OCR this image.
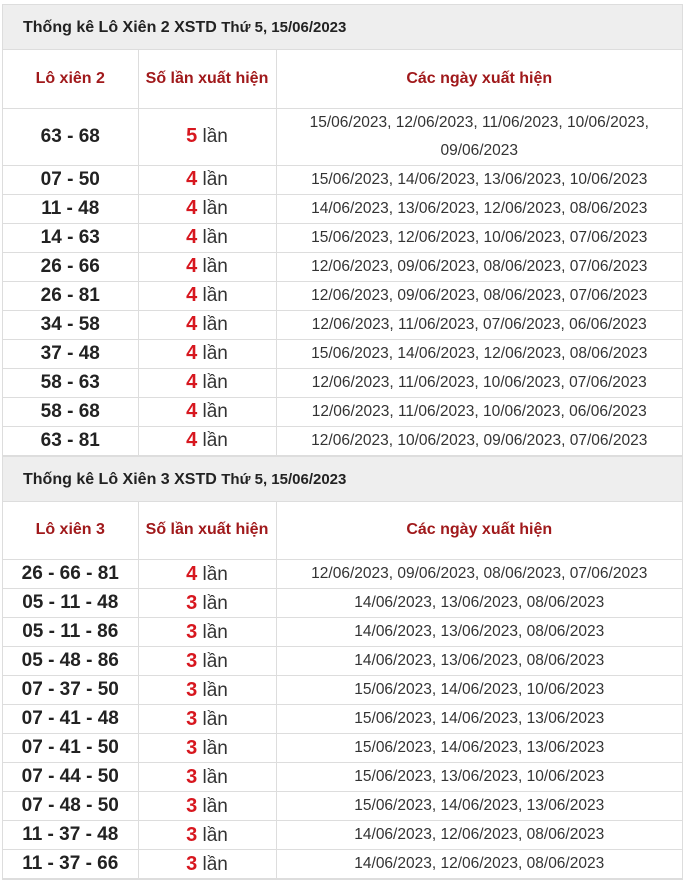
Thống kê Lô Xiên 2 XSTD Thứ 5, 15/06/2023
Lô xiên 2	Số lần xuất hiện	Các ngày xuất hiện
63 - 68	5 lần	15/06/2023, 12/06/2023, 11/06/2023, 10/06/2023, 09/06/2023
07 - 50	4 lần	15/06/2023, 14/06/2023, 13/06/2023, 10/06/2023
11 - 48	4 lần	14/06/2023, 13/06/2023, 12/06/2023, 08/06/2023
14 - 63	4 lần	15/06/2023, 12/06/2023, 10/06/2023, 07/06/2023
26 - 66	4 lần	12/06/2023, 09/06/2023, 08/06/2023, 07/06/2023
26 - 81	4 lần	12/06/2023, 09/06/2023, 08/06/2023, 07/06/2023
34 - 58	4 lần	12/06/2023, 11/06/2023, 07/06/2023, 06/06/2023
37 - 48	4 lần	15/06/2023, 14/06/2023, 12/06/2023, 08/06/2023
58 - 63	4 lần	12/06/2023, 11/06/2023, 10/06/2023, 07/06/2023
58 - 68	4 lần	12/06/2023, 11/06/2023, 10/06/2023, 06/06/2023
63 - 81	4 lần	12/06/2023, 10/06/2023, 09/06/2023, 07/06/2023
Thống kê Lô Xiên 3 XSTD Thứ 5, 15/06/2023
Lô xiên 3	Số lần xuất hiện	Các ngày xuất hiện
26 - 66 - 81	4 lần	12/06/2023, 09/06/2023, 08/06/2023, 07/06/2023
05 - 11 - 48	3 lần	14/06/2023, 13/06/2023, 08/06/2023
05 - 11 - 86	3 lần	14/06/2023, 13/06/2023, 08/06/2023
05 - 48 - 86	3 lần	14/06/2023, 13/06/2023, 08/06/2023
07 - 37 - 50	3 lần	15/06/2023, 14/06/2023, 10/06/2023
07 - 41 - 48	3 lần	15/06/2023, 14/06/2023, 13/06/2023
07 - 41 - 50	3 lần	15/06/2023, 14/06/2023, 13/06/2023
07 - 44 - 50	3 lần	15/06/2023, 13/06/2023, 10/06/2023
07 - 48 - 50	3 lần	15/06/2023, 14/06/2023, 13/06/2023
11 - 37 - 48	3 lần	14/06/2023, 12/06/2023, 08/06/2023
11 - 37 - 66	3 lần	14/06/2023, 12/06/2023, 08/06/2023
